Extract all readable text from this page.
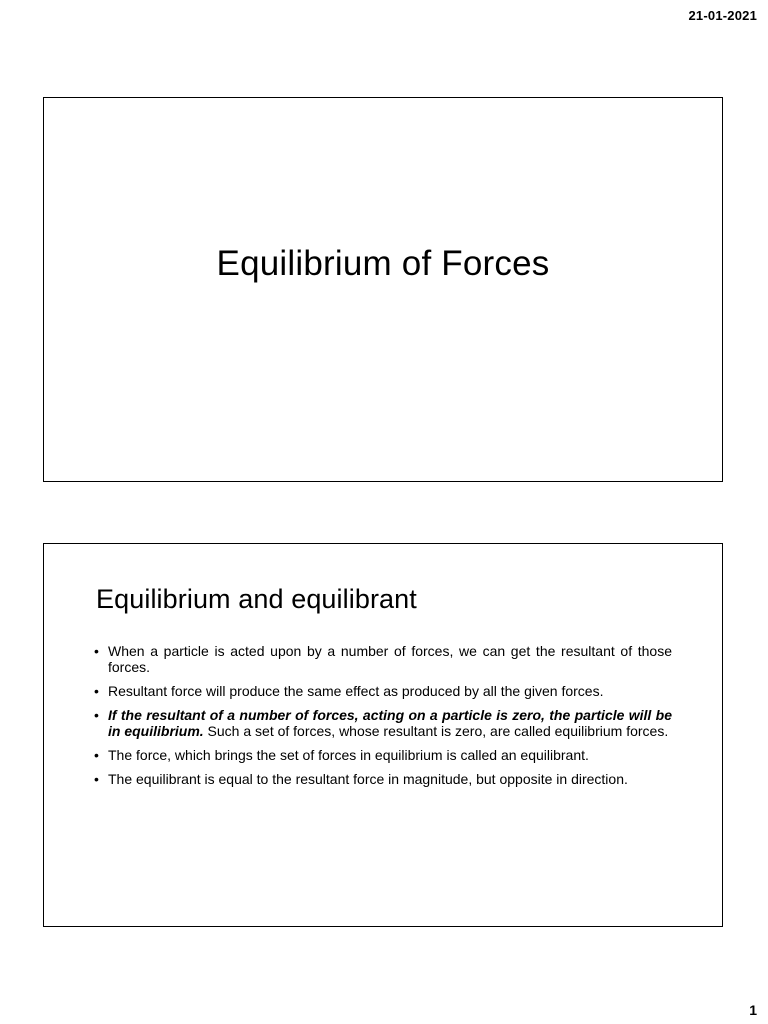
21-01-2021
Equilibrium of Forces
Equilibrium and equilibrant
• When a particle is acted upon by a number of forces, we can get the resultant of those forces.
• Resultant force will produce the same effect as produced by all the given forces.
• If the resultant of a number of forces, acting on a particle is zero, the particle will be in equilibrium. Such a set of forces, whose resultant is zero, are called equilibrium forces.
• The force, which brings the set of forces in equilibrium is called an equilibrant.
• The equilibrant is equal to the resultant force in magnitude, but opposite in direction.
1
